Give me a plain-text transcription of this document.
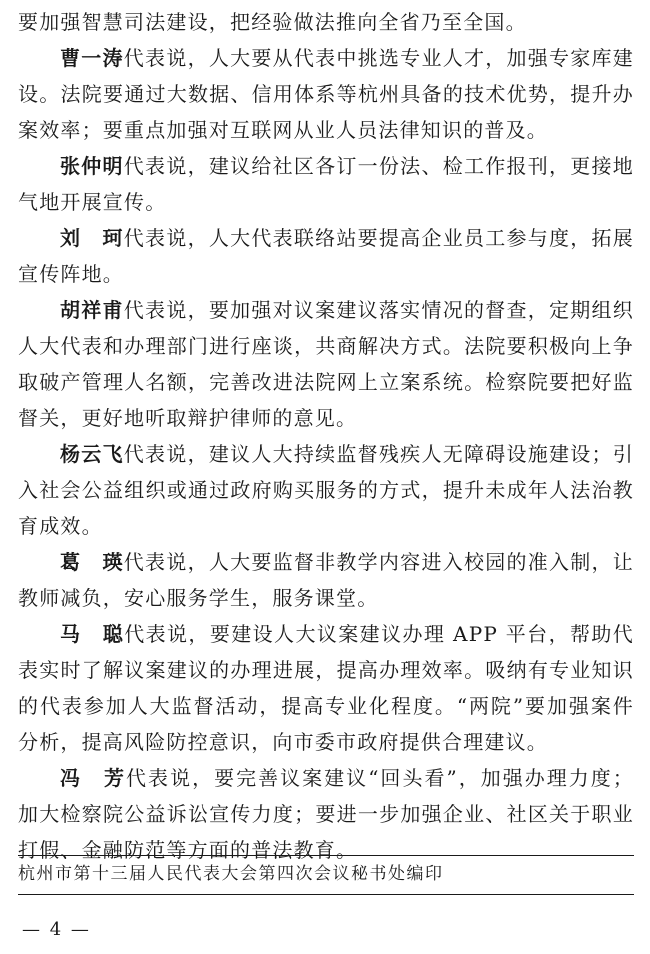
要加强智慧司法建设，把经验做法推向全省乃至全国。

曹一涛代表说，人大要从代表中挑选专业人才，加强专家库建设。法院要通过大数据、信用体系等杭州具备的技术优势，提升办案效率；要重点加强对互联网从业人员法律知识的普及。

张仲明代表说，建议给社区各订一份法、检工作报刊，更接地气地开展宣传。

刘　珂代表说，人大代表联络站要提高企业员工参与度，拓展宣传阵地。

胡祥甫代表说，要加强对议案建议落实情况的督查，定期组织人大代表和办理部门进行座谈，共商解决方式。法院要积极向上争取破产管理人名额，完善改进法院网上立案系统。检察院要把好监督关，更好地听取辩护律师的意见。

杨云飞代表说，建议人大持续监督残疾人无障碍设施建设；引入社会公益组织或通过政府购买服务的方式，提升未成年人法治教育成效。

葛　瑛代表说，人大要监督非教学内容进入校园的准入制，让教师减负，安心服务学生，服务课堂。

马　聪代表说，要建设人大议案建议办理 APP 平台，帮助代表实时了解议案建议的办理进展，提高办理效率。吸纳有专业知识的代表参加人大监督活动，提高专业化程度。“两院”要加强案件分析，提高风险防控意识，向市委市政府提供合理建议。

冯　芳代表说，要完善议案建议“回头看”，加强办理力度；加大检察院公益诉讼宣传力度；要进一步加强企业、社区关于职业打假、金融防范等方面的普法教育。

杭州市第十三届人民代表大会第四次会议秘书处编印
— 4 —
